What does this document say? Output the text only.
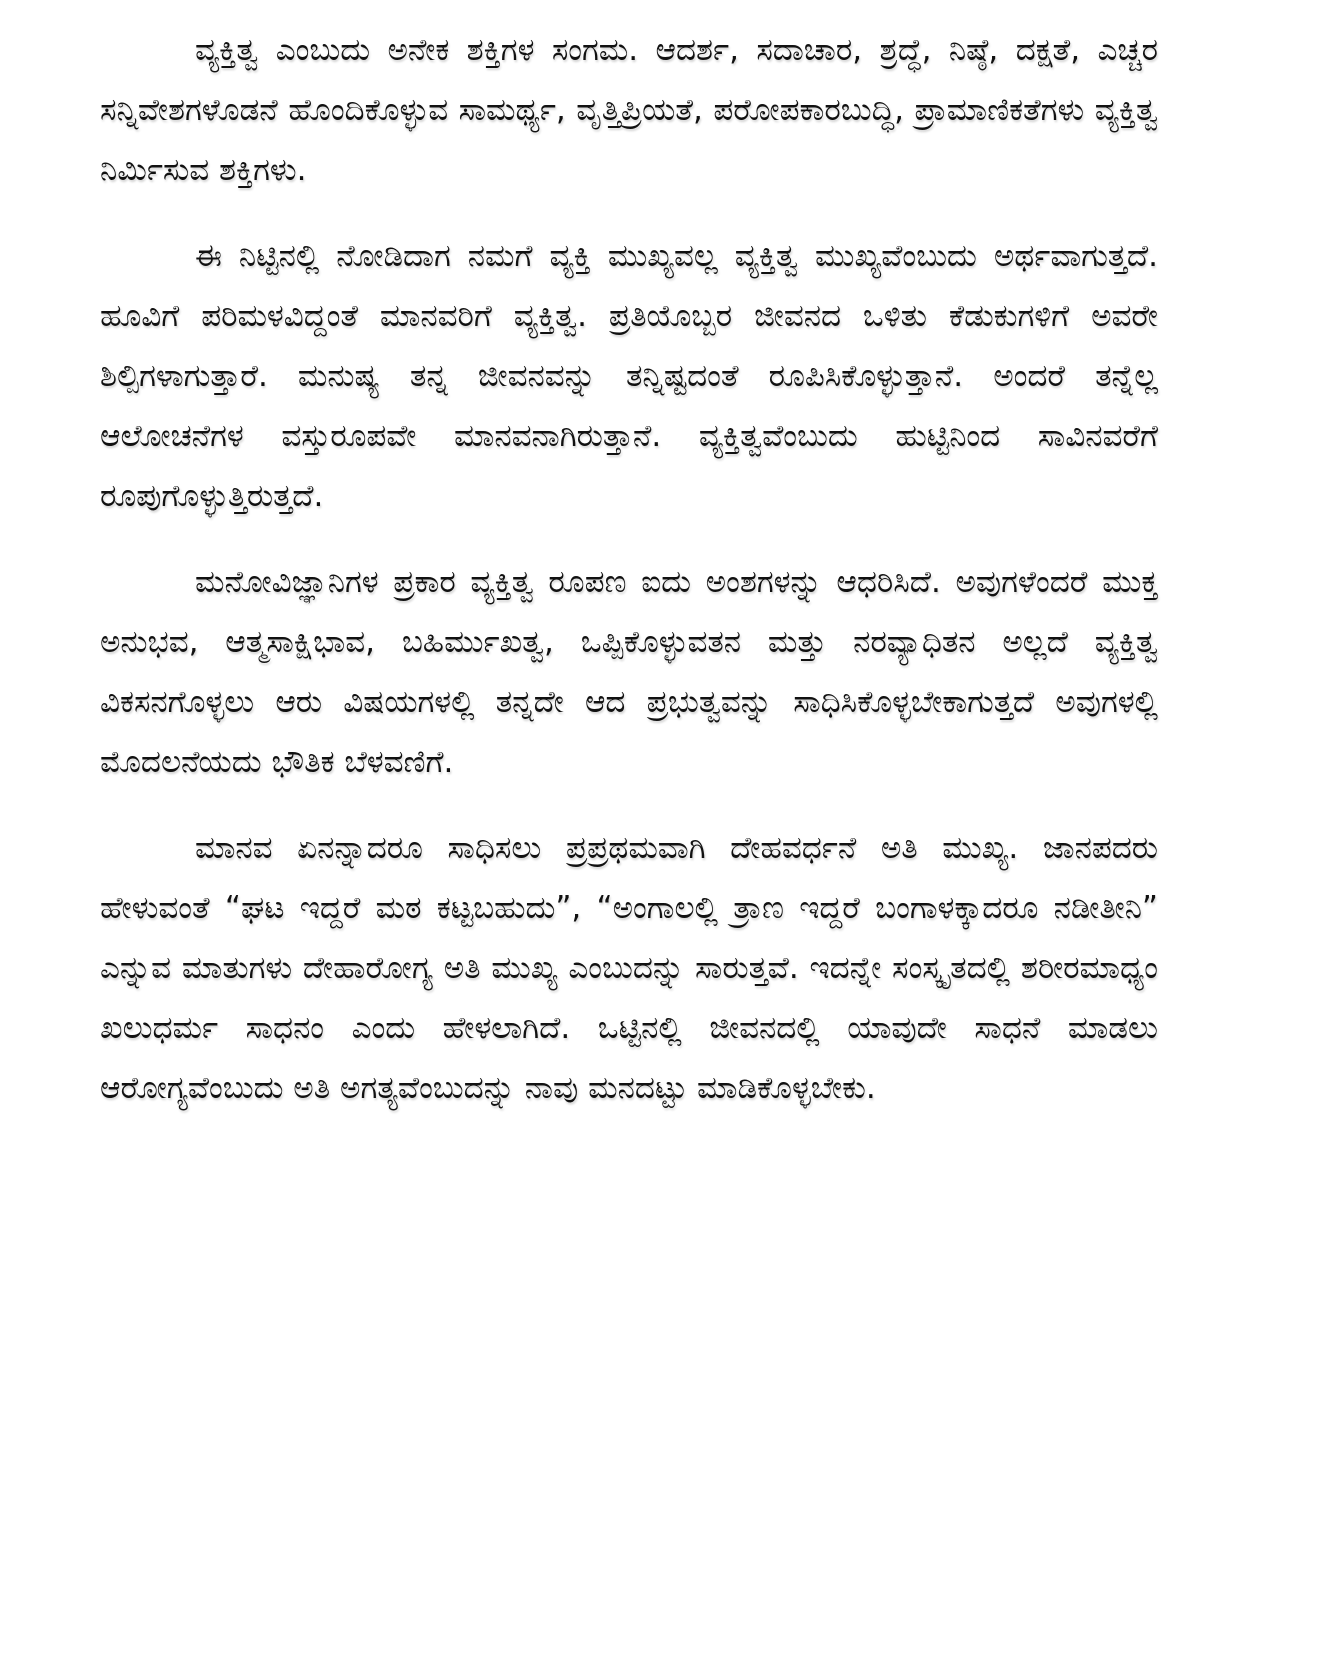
ವ್ಯಕ್ತಿತ್ವ ಎಂಬುದು ಅನೇಕ ಶಕ್ತಿಗಳ ಸಂಗಮ. ಆದರ್ಶ, ಸದಾಚಾರ, ಶ್ರದ್ಧೆ, ನಿಷ್ಠೆ, ದಕ್ಷತೆ, ಎಚ್ಚರ ಸನ್ನಿವೇಶಗಳೊಡನೆ ಹೊಂದಿಕೊಳ್ಳುವ ಸಾಮರ್ಥ್ಯ, ವೃತ್ತಿಪ್ರಿಯತೆ, ಪರೋಪಕಾರಬುದ್ಧಿ, ಪ್ರಾಮಾಣಿಕತೆಗಳು ವ್ಯಕ್ತಿತ್ವ ನಿರ್ಮಿಸುವ ಶಕ್ತಿಗಳು.

ಈ ನಿಟ್ಟಿನಲ್ಲಿ ನೋಡಿದಾಗ ನಮಗೆ ವ್ಯಕ್ತಿ ಮುಖ್ಯವಲ್ಲ ವ್ಯಕ್ತಿತ್ವ ಮುಖ್ಯವೆಂಬುದು ಅರ್ಥವಾಗುತ್ತದೆ. ಹೂವಿಗೆ ಪರಿಮಳವಿದ್ದಂತೆ ಮಾನವರಿಗೆ ವ್ಯಕ್ತಿತ್ವ. ಪ್ರತಿಯೊಬ್ಬರ ಜೀವನದ ಒಳಿತು ಕೆಡುಕುಗಳಿಗೆ ಅವರೇ ಶಿಲ್ಪಿಗಳಾಗುತ್ತಾರೆ. ಮನುಷ್ಯ ತನ್ನ ಜೀವನವನ್ನು ತನ್ನಿಷ್ಟದಂತೆ ರೂಪಿಸಿಕೊಳ್ಳುತ್ತಾನೆ. ಅಂದರೆ ತನ್ನೆಲ್ಲ ಆಲೋಚನೆಗಳ ವಸ್ತುರೂಪವೇ ಮಾನವನಾಗಿರುತ್ತಾನೆ. ವ್ಯಕ್ತಿತ್ವವೆಂಬುದು ಹುಟ್ಟಿನಿಂದ ಸಾವಿನವರೆಗೆ ರೂಪುಗೊಳ್ಳುತ್ತಿರುತ್ತದೆ.

ಮನೋವಿಜ್ಞಾನಿಗಳ ಪ್ರಕಾರ ವ್ಯಕ್ತಿತ್ವ ರೂಪಣ ಐದು ಅಂಶಗಳನ್ನು ಆಧರಿಸಿದೆ. ಅವುಗಳೆಂದರೆ ಮುಕ್ತ ಅನುಭವ, ಆತ್ಮಸಾಕ್ಷಿಭಾವ, ಬಹಿರ್ಮುಖತ್ವ, ಒಪ್ಪಿಕೊಳ್ಳುವತನ ಮತ್ತು ನರವ್ಯಾಧಿತನ ಅಲ್ಲದೆ ವ್ಯಕ್ತಿತ್ವ ವಿಕಸನಗೊಳ್ಳಲು ಆರು ವಿಷಯಗಳಲ್ಲಿ ತನ್ನದೇ ಆದ ಪ್ರಭುತ್ವವನ್ನು ಸಾಧಿಸಿಕೊಳ್ಳಬೇಕಾಗುತ್ತದೆ ಅವುಗಳಲ್ಲಿ ಮೊದಲನೆಯದು ಭೌತಿಕ ಬೆಳವಣಿಗೆ.

ಮಾನವ ಏನನ್ನಾದರೂ ಸಾಧಿಸಲು ಪ್ರಪ್ರಥಮವಾಗಿ ದೇಹವರ್ಧನೆ ಅತಿ ಮುಖ್ಯ. ಜಾನಪದರು ಹೇಳುವಂತೆ “ಘಟ ಇದ್ದರೆ ಮಠ ಕಟ್ಟಬಹುದು”, “ಅಂಗಾಲಲ್ಲಿ ತ್ರಾಣ ಇದ್ದರೆ ಬಂಗಾಳಕ್ಕಾದರೂ ನಡೀತೀನಿ” ಎನ್ನುವ ಮಾತುಗಳು ದೇಹಾರೋಗ್ಯ ಅತಿ ಮುಖ್ಯ ಎಂಬುದನ್ನು ಸಾರುತ್ತವೆ. ಇದನ್ನೇ ಸಂಸ್ಕೃತದಲ್ಲಿ ಶರೀರಮಾಧ್ಯಂ ಖಲುಧರ್ಮ ಸಾಧನಂ ಎಂದು ಹೇಳಲಾಗಿದೆ. ಒಟ್ಟಿನಲ್ಲಿ ಜೀವನದಲ್ಲಿ ಯಾವುದೇ ಸಾಧನೆ ಮಾಡಲು ಆರೋಗ್ಯವೆಂಬುದು ಅತಿ ಅಗತ್ಯವೆಂಬುದನ್ನು ನಾವು ಮನದಟ್ಟು ಮಾಡಿಕೊಳ್ಳಬೇಕು.
